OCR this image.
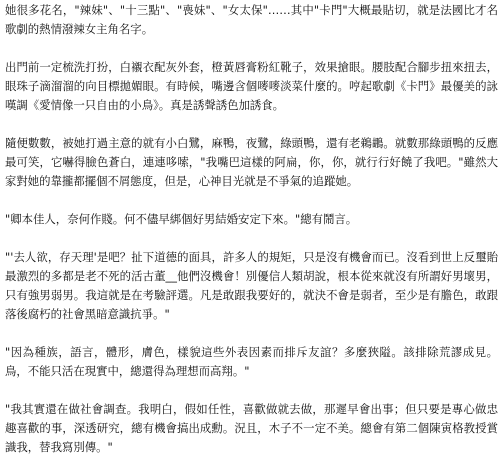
她很多花名，"辣妹"、"十三點"、"喪妹"、"女太保"……其中"卡門"大概最貼切，就是法國比才名歌劇的熱情潑辣女主角名字。

出門前一定梳洗打扮，白襯衣配灰外套，橙黃唇膏粉紅靴子，效果搶眼。腰肢配合腳步扭來扭去，眼珠子滴溜溜的向目標拋媚眼。有時候，嘴邊含個嘜嘜淡菜什麼的。哼起歌劇《卡門》最優美的詠嘆調《愛情像一只自由的小鳥》。真是誘聲誘色加誘食。

隨便數數，被她打過主意的就有小白鷺，麻鴨，夜鷺，綠頭鴨，還有老鵜鶘。就數那綠頭鴨的反應最可笑，它嚇得臉色蒼白，連連哆嗦，"我嘴巴這樣的阿扁，你，你，就行行好饒了我吧。"雖然大家對她的靠攏都擺個不屑態度，但是，心神目光就是不爭氣的追蹤她。

"卿本佳人，奈何作賤。何不儘早綁個好男結婚安定下來。"總有鬧言。

"'去人欲，存天理'是吧？扯下道德的面具，許多人的規矩，只是沒有機會而已。沒看到世上反璽貽最激烈的多都是老不死的活古董__他們沒機會！別優信人類胡說，根本從來就沒有所謂好男壞男，只有強男弱男。我這就是在考驗評選。凡是敢跟我要好的，就決不會是弱者，至少是有膽色，敢跟落後腐朽的社會黑暗意識抗爭。"

"因為種族，語言，體形，膚色，樣貌這些外表因素而排斥友誼？多麼狹隘。該排除荒謬成見。鳥，不能只活在現實中，總還得為理想而高翔。"

"我其實還在做社會調查。我明白，假如任性，喜歡做就去做，那遲早會出事；但只要是專心做忠趣喜歡的事，深透研究，總有機會搞出成勳。況且，木子不一定不美。總會有第二個陳寅格教授賞識我，替我寫別傳。"
